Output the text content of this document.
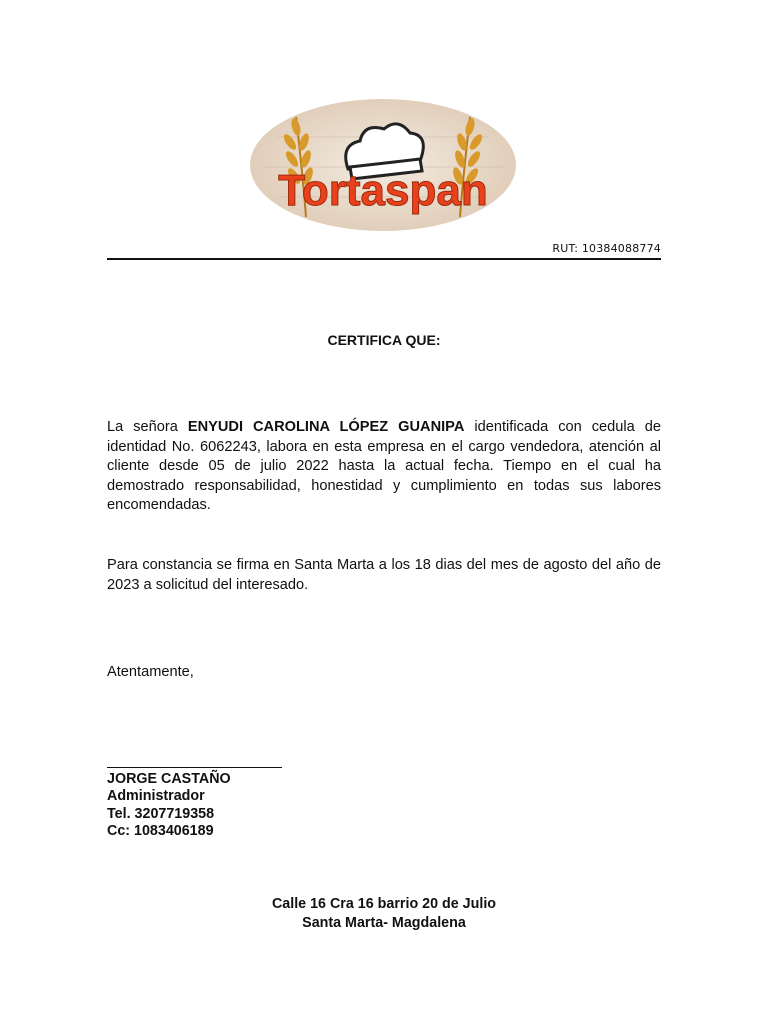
Tortaspan
RUT: 10384088774
CERTIFICA QUE:
La señora ENYUDI CAROLINA LÓPEZ GUANIPA identificada con cedula de identidad No. 6062243, labora en esta empresa en el cargo vendedora, atención al cliente desde 05 de julio 2022 hasta la actual fecha. Tiempo en el cual ha demostrado responsabilidad, honestidad y cumplimiento en todas sus labores encomendadas.
Para constancia se firma en Santa Marta a los 18 dias del mes de agosto del año de 2023 a solicitud del interesado.
Atentamente,
JORGE CASTAÑO
Administrador
Tel. 3207719358
Cc: 1083406189
Calle 16 Cra 16 barrio 20 de Julio
Santa Marta- Magdalena
